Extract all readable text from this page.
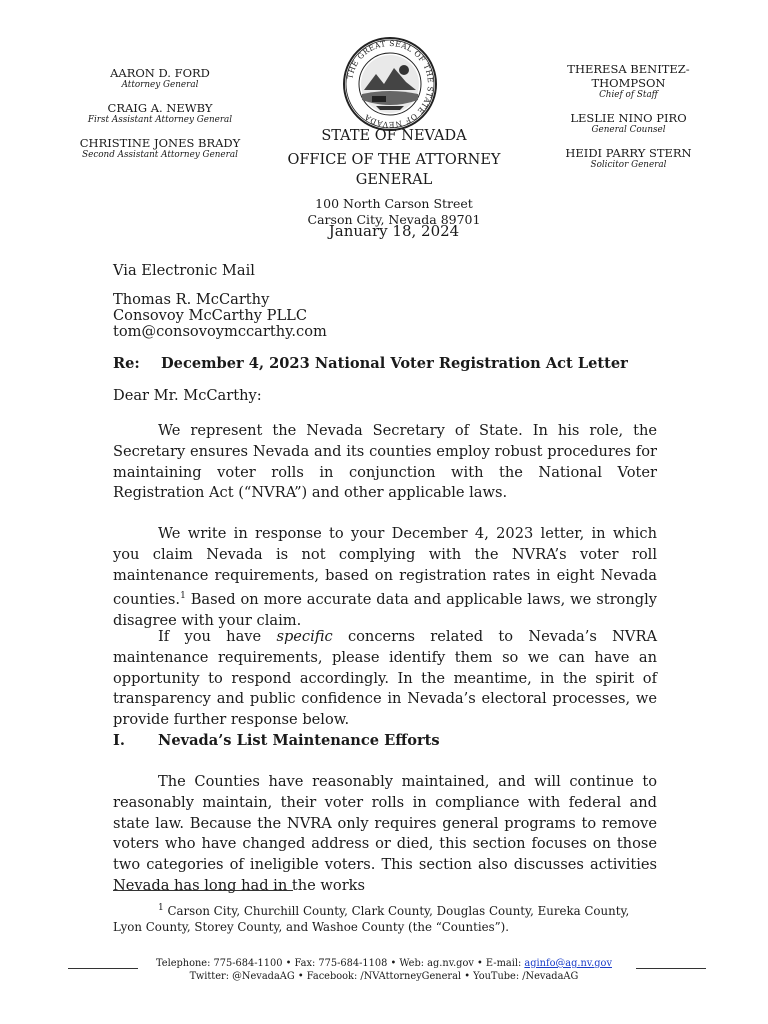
AARON D. FORD
Attorney General
CRAIG A. NEWBY
First Assistant Attorney General
CHRISTINE JONES BRADY
Second Assistant Attorney General
THE GREAT SEAL OF THE STATE OF NEVADA
THERESA BENITEZ-THOMPSON
Chief of Staff
LESLIE NINO PIRO
General Counsel
HEIDI PARRY STERN
Solicitor General
STATE OF NEVADA
OFFICE OF THE ATTORNEY GENERAL
100 North Carson Street
Carson City, Nevada 89701
January 18, 2024
Via Electronic Mail
Thomas R. McCarthy
Consovoy McCarthy PLLC
tom@consovoymccarthy.com
Re: December 4, 2023 National Voter Registration Act Letter
Dear Mr. McCarthy:

We represent the Nevada Secretary of State. In his role, the Secretary ensures Nevada and its counties employ robust procedures for maintaining voter rolls in conjunction with the National Voter Registration Act (“NVRA”) and other applicable laws.

We write in response to your December 4, 2023 letter, in which you claim Nevada is not complying with the NVRA’s voter roll maintenance requirements, based on registration rates in eight Nevada counties.$^1$ Based on more accurate data and applicable laws, we strongly disagree with your claim.

If you have specific concerns related to Nevada’s NVRA maintenance requirements, please identify them so we can have an opportunity to respond accordingly. In the meantime, in the spirit of transparency and public confidence in Nevada’s electoral processes, we provide further response below.

I. Nevada’s List Maintenance Efforts

The Counties have reasonably maintained, and will continue to reasonably maintain, their voter rolls in compliance with federal and state law. Because the NVRA only requires general programs to remove voters who have changed address or died, this section focuses on those two categories of ineligible voters. This section also discusses activities Nevada has long had in the works

$^1$ Carson City, Churchill County, Clark County, Douglas County, Eureka County, Lyon County, Storey County, and Washoe County (the “Counties”).
Telephone: 775-684-1100 • Fax: 775-684-1108 • Web: ag.nv.gov • E-mail: aginfo@ag.nv.gov
Twitter: @NevadaAG • Facebook: /NVAttorneyGeneral • YouTube: /NevadaAG
